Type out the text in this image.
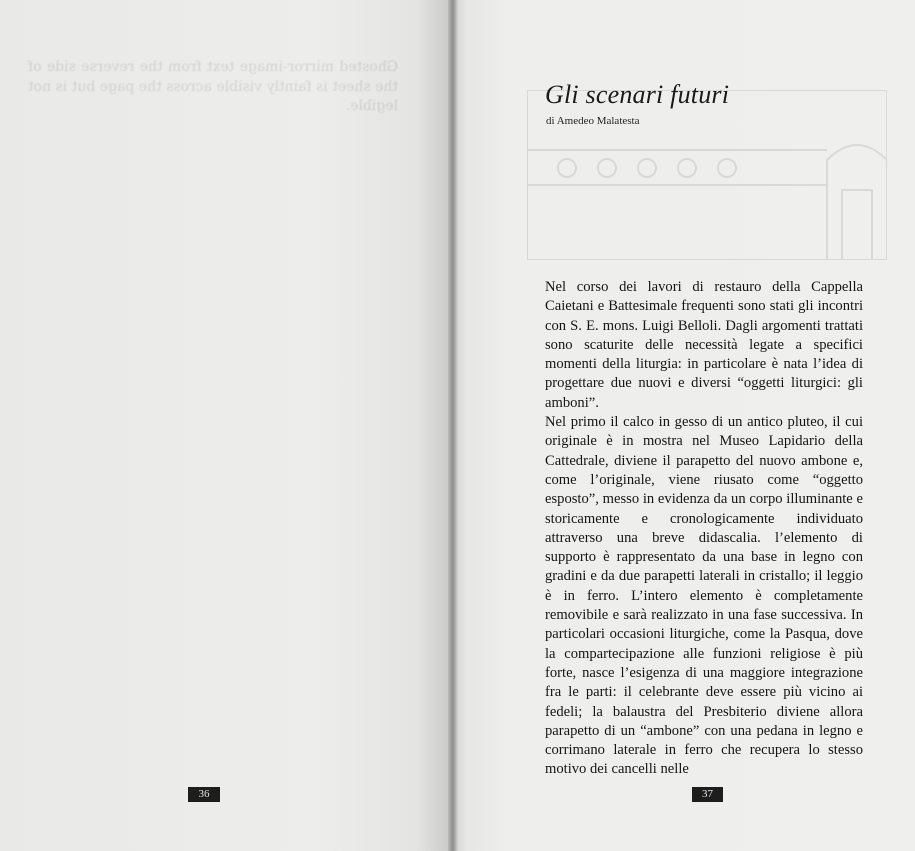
Ghosted mirror-image text from the reverse side of the sheet is faintly visible across the page but is not legible.

36
Gli scenari futuri

di Amedeo Malatesta

Nel corso dei lavori di restauro della Cappella Caietani e Battesimale frequenti sono stati gli incontri con S. E. mons. Luigi Belloli. Dagli argomenti trattati sono scaturite delle necessità legate a specifici momenti della liturgia: in particolare è nata l’idea di progettare due nuovi e diversi “oggetti liturgici: gli amboni”.

Nel primo il calco in gesso di un antico pluteo, il cui originale è in mostra nel Museo Lapidario della Cattedrale, diviene il parapetto del nuovo ambone e, come l’originale, viene riusato come “oggetto esposto”, messo in evidenza da un corpo illuminante e storicamente e cronologicamente individuato attraverso una breve didascalia. l’elemento di supporto è rappresentato da una base in legno con gradini e da due parapetti laterali in cristallo; il leggio è in ferro. L’intero elemento è completamente removibile e sarà realizzato in una fase successiva. In particolari occasioni liturgiche, come la Pasqua, dove la compartecipazione alle funzioni religiose è più forte, nasce l’esigenza di una maggiore integrazione fra le parti: il celebrante deve essere più vicino ai fedeli; la balaustra del Presbiterio diviene allora parapetto di un “ambone” con una pedana in legno e corrimano laterale in ferro che recupera lo stesso motivo dei cancelli nelle

37
